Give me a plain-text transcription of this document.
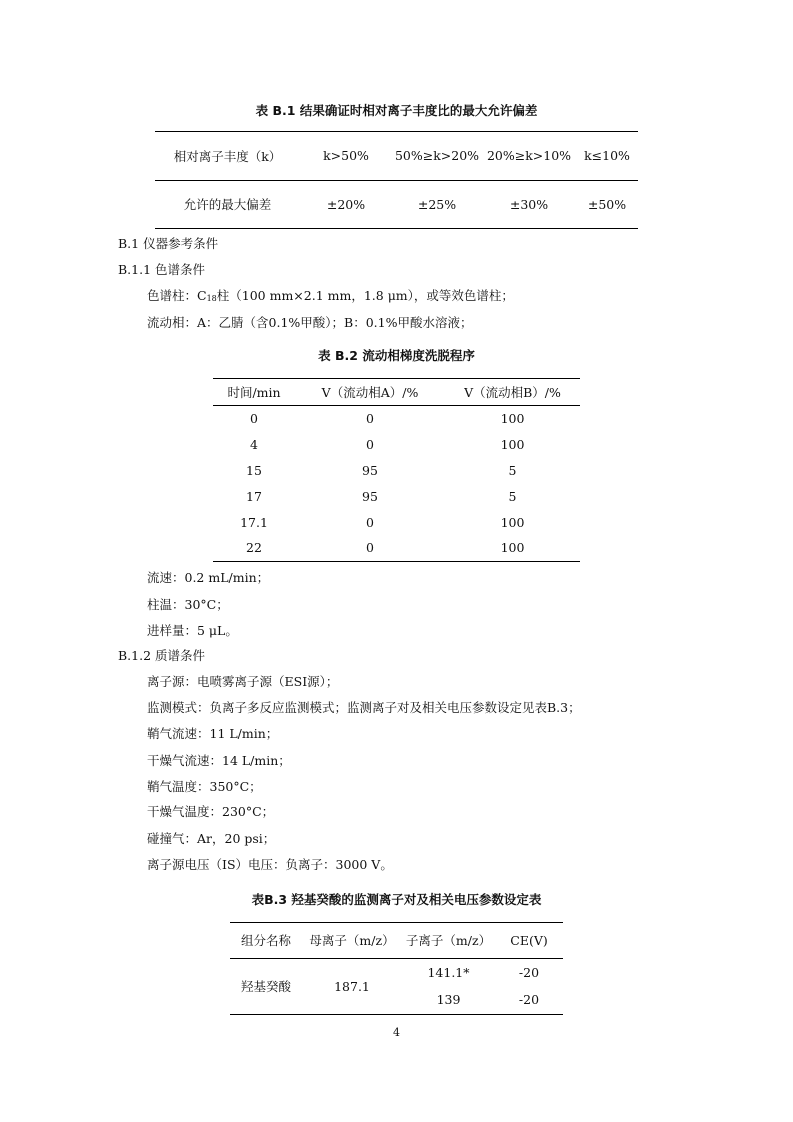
表 B.1 结果确证时相对离子丰度比的最大允许偏差
相对离子丰度（k）	k>50%	50%≥k>20%	20%≥k>10%	k≤10%
允许的最大偏差	±20%	±25%	±30%	±50%
B.1 仪器参考条件
B.1.1 色谱条件
色谱柱：$C_{18}$柱（100 mm×2.1 mm，1.8 μm），或等效色谱柱；
流动相：A：乙腈（含0.1%甲酸）；B：0.1%甲酸水溶液；
表 B.2 流动相梯度洗脱程序
时间/min	V（流动相A）/%	V（流动相B）/%
0	0	100
4	0	100
15	95	5
17	95	5
17.1	0	100
22	0	100
流速：0.2 mL/min；
柱温：30°C；
进样量：5 μL。
B.1.2 质谱条件
离子源：电喷雾离子源（ESI源）；
监测模式：负离子多反应监测模式；监测离子对及相关电压参数设定见表B.3；
鞘气流速：11 L/min；
干燥气流速：14 L/min；
鞘气温度：350°C；
干燥气温度：230°C；
碰撞气：Ar，20 psi；
离子源电压（IS）电压：负离子：3000 V。
表B.3 羟基癸酸的监测离子对及相关电压参数设定表
组分名称	母离子（m/z）	子离子（m/z）	CE(V)
羟基癸酸	187.1	141.1*	-20
		139	-20
4
